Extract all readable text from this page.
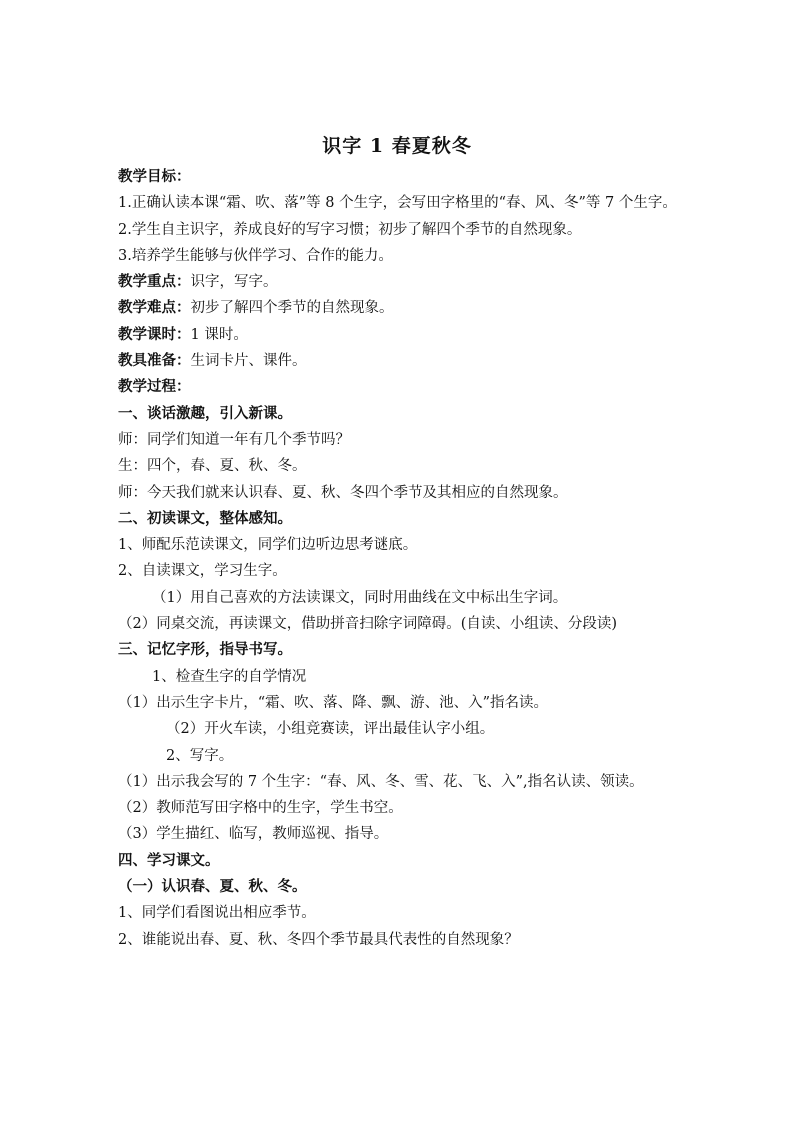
识字 1 春夏秋冬

教学目标：

1.正确认读本课“霜、吹、落”等 8 个生字，会写田字格里的“春、风、冬”等 7 个生字。

2.学生自主识字，养成良好的写字习惯；初步了解四个季节的自然现象。

3.培养学生能够与伙伴学习、合作的能力。

教学重点：识字，写字。

教学难点：初步了解四个季节的自然现象。

教学课时：1 课时。

教具准备：生词卡片、课件。

教学过程：

一、谈话激趣，引入新课。

师：同学们知道一年有几个季节吗？

生：四个，春、夏、秋、冬。

师：今天我们就来认识春、夏、秋、冬四个季节及其相应的自然现象。

二、初读课文，整体感知。

1、师配乐范读课文，同学们边听边思考谜底。

2、自读课文，学习生字。

（1）用自己喜欢的方法读课文，同时用曲线在文中标出生字词。

（2）同桌交流，再读课文，借助拼音扫除字词障碍。(自读、小组读、分段读)

三、记忆字形，指导书写。

1、检查生字的自学情况

（1）出示生字卡片，“霜、吹、落、降、飘、游、池、入”指名读。

（2）开火车读，小组竞赛读，评出最佳认字小组。

2、写字。

（1）出示我会写的 7 个生字：“春、风、冬、雪、花、飞、入”,指名认读、领读。

（2）教师范写田字格中的生字，学生书空。

（3）学生描红、临写，教师巡视、指导。

四、学习课文。

（一）认识春、夏、秋、冬。

1、同学们看图说出相应季节。

2、谁能说出春、夏、秋、冬四个季节最具代表性的自然现象？
